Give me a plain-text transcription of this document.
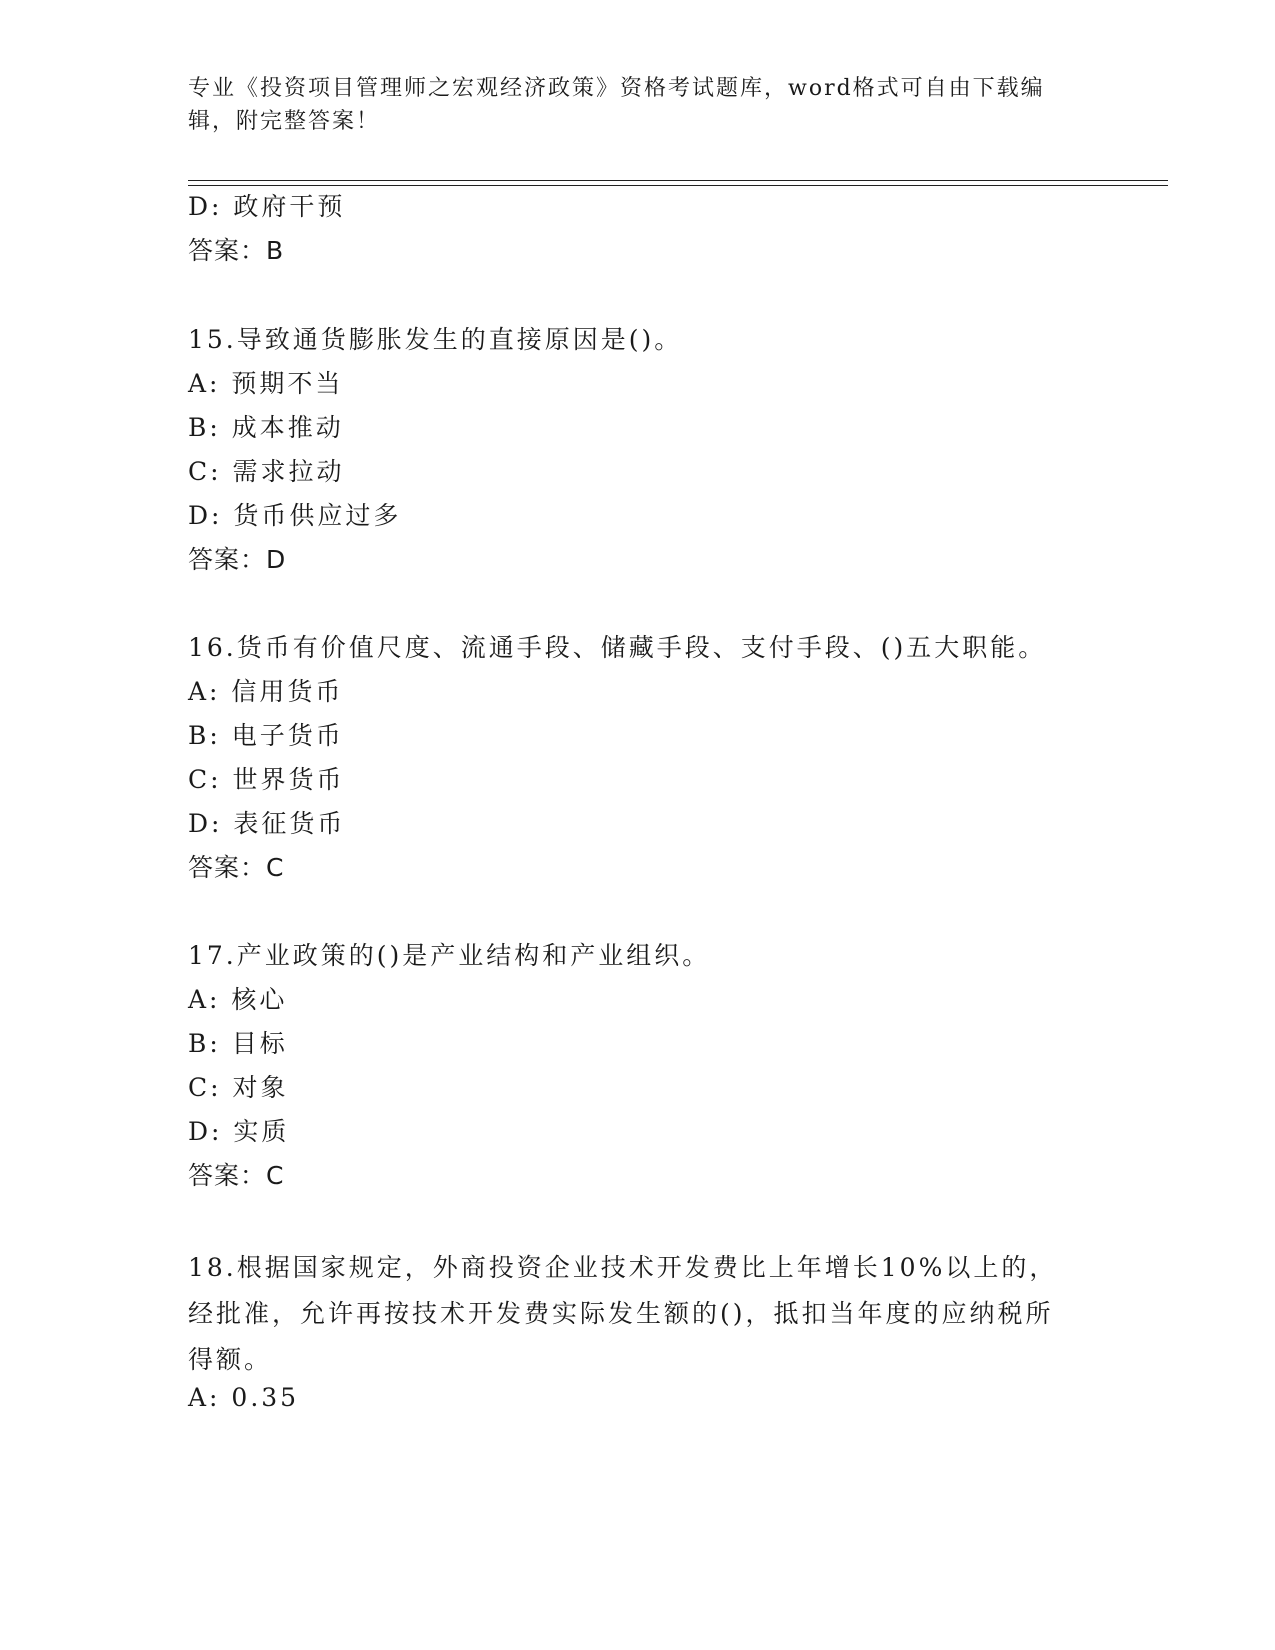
专业《投资项目管理师之宏观经济政策》资格考试题库，word格式可自由下载编辑，附完整答案！
D: 政府干预
答案：B
15.导致通货膨胀发生的直接原因是()。
A: 预期不当
B: 成本推动
C: 需求拉动
D: 货币供应过多
答案：D
16.货币有价值尺度、流通手段、储藏手段、支付手段、()五大职能。
A: 信用货币
B: 电子货币
C: 世界货币
D: 表征货币
答案：C
17.产业政策的()是产业结构和产业组织。
A: 核心
B: 目标
C: 对象
D: 实质
答案：C
18.根据国家规定，外商投资企业技术开发费比上年增长10%以上的，经批准，允许再按技术开发费实际发生额的()，抵扣当年度的应纳税所得额。
A: 0.35
